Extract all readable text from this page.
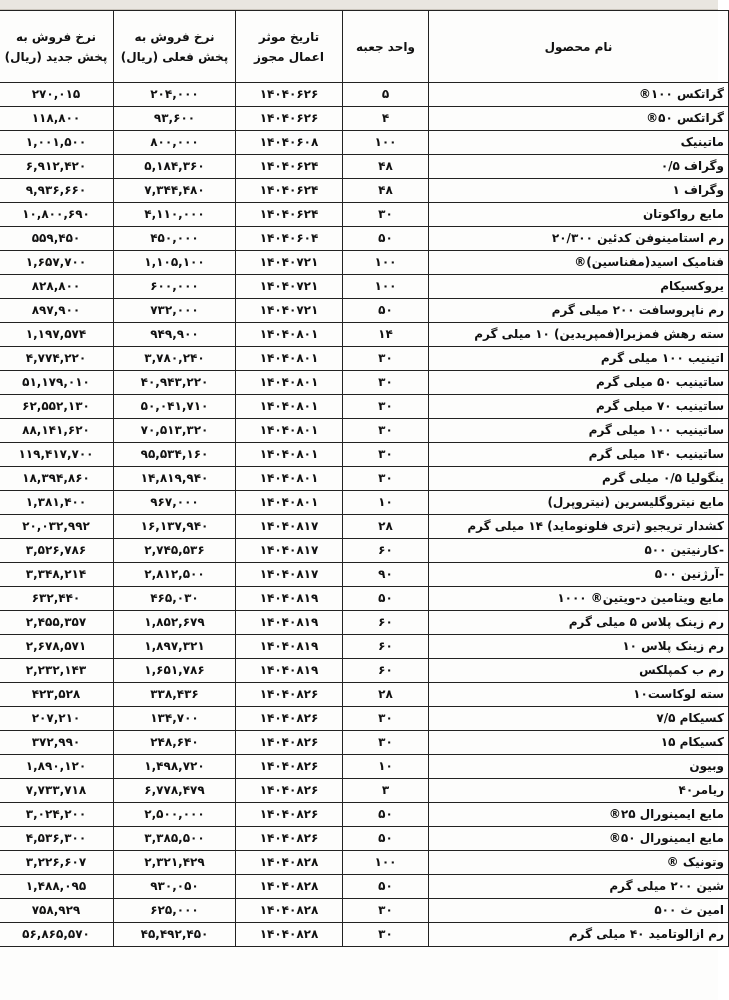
نام محصول	واحد جعبه	تاریخ موثر اعمال مجوز	نرخ فروش به پخش فعلی (ریال)	نرخ فروش به پخش جدید (ریال)	
گراتکس ۱۰۰®	۵	۱۴۰۴۰۶۲۶	۲۰۴,۰۰۰	۲۷۰,۰۱۵	
گراتکس ۵۰®	۴	۱۴۰۴۰۶۲۶	۹۳,۶۰۰	۱۱۸,۸۰۰	
ماتینیک	۱۰۰	۱۴۰۴۰۶۰۸	۸۰۰,۰۰۰	۱,۰۰۱,۵۰۰	
وگراف ۰/۵	۴۸	۱۴۰۴۰۶۲۴	۵,۱۸۴,۳۶۰	۶,۹۱۲,۴۲۰	
وگراف ۱	۴۸	۱۴۰۴۰۶۲۴	۷,۳۴۴,۴۸۰	۹,۹۳۶,۶۶۰	
مایع رواکوتان	۳۰	۱۴۰۴۰۶۲۴	۴,۱۱۰,۰۰۰	۱۰,۸۰۰,۶۹۰	
رم استامینوفن کدئین ۲۰/۳۰۰	۵۰	۱۴۰۴۰۶۰۴	۴۵۰,۰۰۰	۵۵۹,۴۵۰	
فنامیک اسید(مفناسین)®	۱۰۰	۱۴۰۴۰۷۲۱	۱,۱۰۵,۱۰۰	۱,۶۵۷,۷۰۰	
یروکسیکام	۱۰۰	۱۴۰۴۰۷۲۱	۶۰۰,۰۰۰	۸۲۸,۸۰۰	
رم ناپروسافت ۲۰۰ میلی گرم	۵۰	۱۴۰۴۰۷۲۱	۷۳۲,۰۰۰	۸۹۷,۹۰۰	
سته رهش فمزبرا(فمپریدین) ۱۰ میلی گرم	۱۴	۱۴۰۴۰۸۰۱	۹۴۹,۹۰۰	۱,۱۹۷,۵۷۴	
اتینیب ۱۰۰ میلی گرم	۳۰	۱۴۰۴۰۸۰۱	۳,۷۸۰,۲۴۰	۴,۷۷۴,۲۲۰	
ساتینیب ۵۰ میلی گرم	۳۰	۱۴۰۴۰۸۰۱	۴۰,۹۴۳,۲۲۰	۵۱,۱۷۹,۰۱۰	
ساتینیب ۷۰ میلی گرم	۳۰	۱۴۰۴۰۸۰۱	۵۰,۰۴۱,۷۱۰	۶۲,۵۵۲,۱۳۰	
ساتینیب ۱۰۰ میلی گرم	۳۰	۱۴۰۴۰۸۰۱	۷۰,۵۱۳,۳۲۰	۸۸,۱۴۱,۶۲۰	
ساتینیب ۱۴۰ میلی گرم	۳۰	۱۴۰۴۰۸۰۱	۹۵,۵۳۴,۱۶۰	۱۱۹,۴۱۷,۷۰۰	
ینگولیا ۰/۵ میلی گرم	۳۰	۱۴۰۴۰۸۰۱	۱۴,۸۱۹,۹۴۰	۱۸,۳۹۴,۸۶۰	
مایع نیتروگلیسرین (نیتروپرل)	۱۰	۱۴۰۴۰۸۰۱	۹۶۷,۰۰۰	۱,۳۸۱,۴۰۰	
کشدار تریجیو (تری فلونومايد) ۱۴ میلی گرم	۲۸	۱۴۰۴۰۸۱۷	۱۶,۱۳۷,۹۴۰	۲۰,۰۳۲,۹۹۲	
-کارنیتین ۵۰۰	۶۰	۱۴۰۴۰۸۱۷	۲,۷۴۵,۵۳۶	۳,۵۲۶,۷۸۶	
-آرژنین ۵۰۰	۹۰	۱۴۰۴۰۸۱۷	۲,۸۱۲,۵۰۰	۳,۳۴۸,۲۱۴	
مایع ویتامین د-ویتین® ۱۰۰۰	۵۰	۱۴۰۴۰۸۱۹	۴۶۵,۰۳۰	۶۳۲,۴۴۰	
رم زینک پلاس ۵ میلی گرم	۶۰	۱۴۰۴۰۸۱۹	۱,۸۵۲,۶۷۹	۲,۴۵۵,۳۵۷	
رم زینک پلاس ۱۰	۶۰	۱۴۰۴۰۸۱۹	۱,۸۹۷,۳۲۱	۲,۶۷۸,۵۷۱	
رم ب کمپلکس	۶۰	۱۴۰۴۰۸۱۹	۱,۶۵۱,۷۸۶	۲,۲۳۲,۱۴۳	
سته لوکاست۱۰	۲۸	۱۴۰۴۰۸۲۶	۳۳۸,۴۳۶	۴۲۳,۵۲۸	
کسیکام ۷/۵	۳۰	۱۴۰۴۰۸۲۶	۱۳۴,۷۰۰	۲۰۷,۲۱۰	
کسیکام ۱۵	۳۰	۱۴۰۴۰۸۲۶	۲۴۸,۶۴۰	۳۷۲,۹۹۰	
وبیون	۱۰	۱۴۰۴۰۸۲۶	۱,۴۹۸,۷۲۰	۱,۸۹۰,۱۲۰	
ریامر۴۰	۳	۱۴۰۴۰۸۲۶	۶,۷۷۸,۴۷۹	۷,۷۳۳,۷۱۸	
مایع ایمینورال ۲۵®	۵۰	۱۴۰۴۰۸۲۶	۲,۵۰۰,۰۰۰	۳,۰۲۴,۲۰۰	
مایع ایمینورال ۵۰®	۵۰	۱۴۰۴۰۸۲۶	۳,۳۸۵,۵۰۰	۴,۵۳۶,۳۰۰	
وتونیک ®	۱۰۰	۱۴۰۴۰۸۲۸	۲,۳۲۱,۴۲۹	۳,۲۲۶,۶۰۷	
شین ۲۰۰ میلی گرم	۵۰	۱۴۰۴۰۸۲۸	۹۳۰,۰۵۰	۱,۴۸۸,۰۹۵	
امین ث ۵۰۰	۳۰	۱۴۰۴۰۸۲۸	۶۲۵,۰۰۰	۷۵۸,۹۲۹	
رم ازالوتامید ۴۰ میلی گرم	۳۰	۱۴۰۴۰۸۲۸	۴۵,۴۹۲,۴۵۰	۵۶,۸۶۵,۵۷۰	
